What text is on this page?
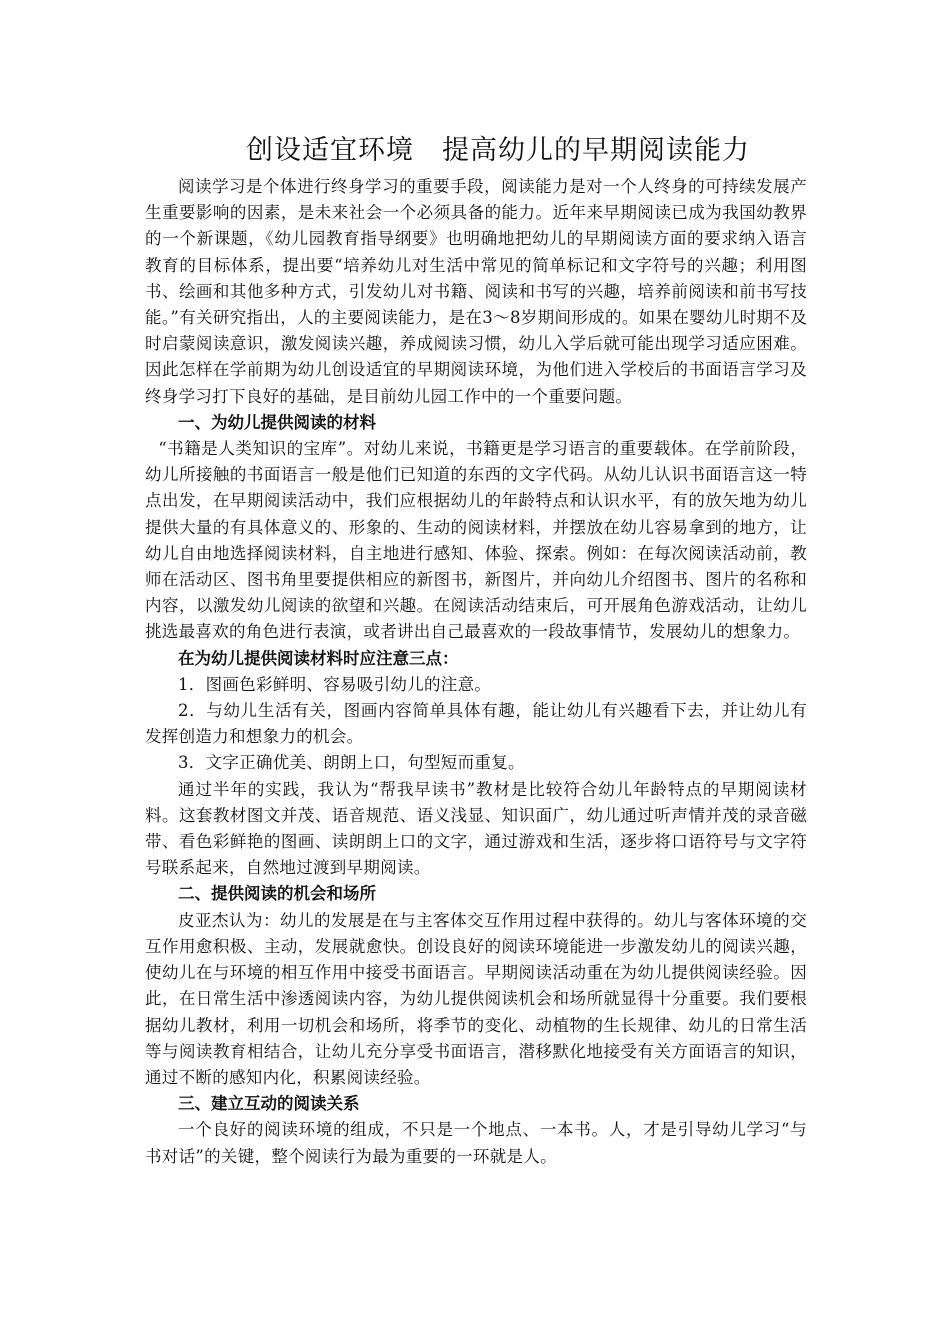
创设适宜环境　提高幼儿的早期阅读能力

阅读学习是个体进行终身学习的重要手段，阅读能力是对一个人终身的可持续发展产生重要影响的因素，是未来社会一个必须具备的能力。近年来早期阅读已成为我国幼教界的一个新课题，《幼儿园教育指导纲要》也明确地把幼儿的早期阅读方面的要求纳入语言教育的目标体系，提出要“培养幼儿对生活中常见的简单标记和文字符号的兴趣；利用图书、绘画和其他多种方式，引发幼儿对书籍、阅读和书写的兴趣，培养前阅读和前书写技能。”有关研究指出，人的主要阅读能力，是在3～8岁期间形成的。如果在婴幼儿时期不及时启蒙阅读意识，激发阅读兴趣，养成阅读习惯，幼儿入学后就可能出现学习适应困难。因此怎样在学前期为幼儿创设适宜的早期阅读环境，为他们进入学校后的书面语言学习及终身学习打下良好的基础，是目前幼儿园工作中的一个重要问题。

一、为幼儿提供阅读的材料

“书籍是人类知识的宝库”。对幼儿来说，书籍更是学习语言的重要载体。在学前阶段，幼儿所接触的书面语言一般是他们已知道的东西的文字代码。从幼儿认识书面语言这一特点出发，在早期阅读活动中，我们应根据幼儿的年龄特点和认识水平，有的放矢地为幼儿提供大量的有具体意义的、形象的、生动的阅读材料，并摆放在幼儿容易拿到的地方，让幼儿自由地选择阅读材料，自主地进行感知、体验、探索。例如：在每次阅读活动前，教师在活动区、图书角里要提供相应的新图书，新图片，并向幼儿介绍图书、图片的名称和内容，以激发幼儿阅读的欲望和兴趣。在阅读活动结束后，可开展角色游戏活动，让幼儿挑选最喜欢的角色进行表演，或者讲出自己最喜欢的一段故事情节，发展幼儿的想象力。

在为幼儿提供阅读材料时应注意三点：

1．图画色彩鲜明、容易吸引幼儿的注意。

2．与幼儿生活有关，图画内容简单具体有趣，能让幼儿有兴趣看下去，并让幼儿有发挥创造力和想象力的机会。

3．文字正确优美、朗朗上口，句型短而重复。

通过半年的实践，我认为“帮我早读书”教材是比较符合幼儿年龄特点的早期阅读材料。这套教材图文并茂、语音规范、语义浅显、知识面广，幼儿通过听声情并茂的录音磁带、看色彩鲜艳的图画、读朗朗上口的文字，通过游戏和生活，逐步将口语符号与文字符号联系起来，自然地过渡到早期阅读。

二、提供阅读的机会和场所

皮亚杰认为：幼儿的发展是在与主客体交互作用过程中获得的。幼儿与客体环境的交互作用愈积极、主动，发展就愈快。创设良好的阅读环境能进一步激发幼儿的阅读兴趣，使幼儿在与环境的相互作用中接受书面语言。早期阅读活动重在为幼儿提供阅读经验。因此，在日常生活中渗透阅读内容，为幼儿提供阅读机会和场所就显得十分重要。我们要根据幼儿教材，利用一切机会和场所，将季节的变化、动植物的生长规律、幼儿的日常生活等与阅读教育相结合，让幼儿充分享受书面语言，潜移默化地接受有关方面语言的知识，通过不断的感知内化，积累阅读经验。

三、建立互动的阅读关系

一个良好的阅读环境的组成，不只是一个地点、一本书。人，才是引导幼儿学习“与书对话”的关键，整个阅读行为最为重要的一环就是人。
